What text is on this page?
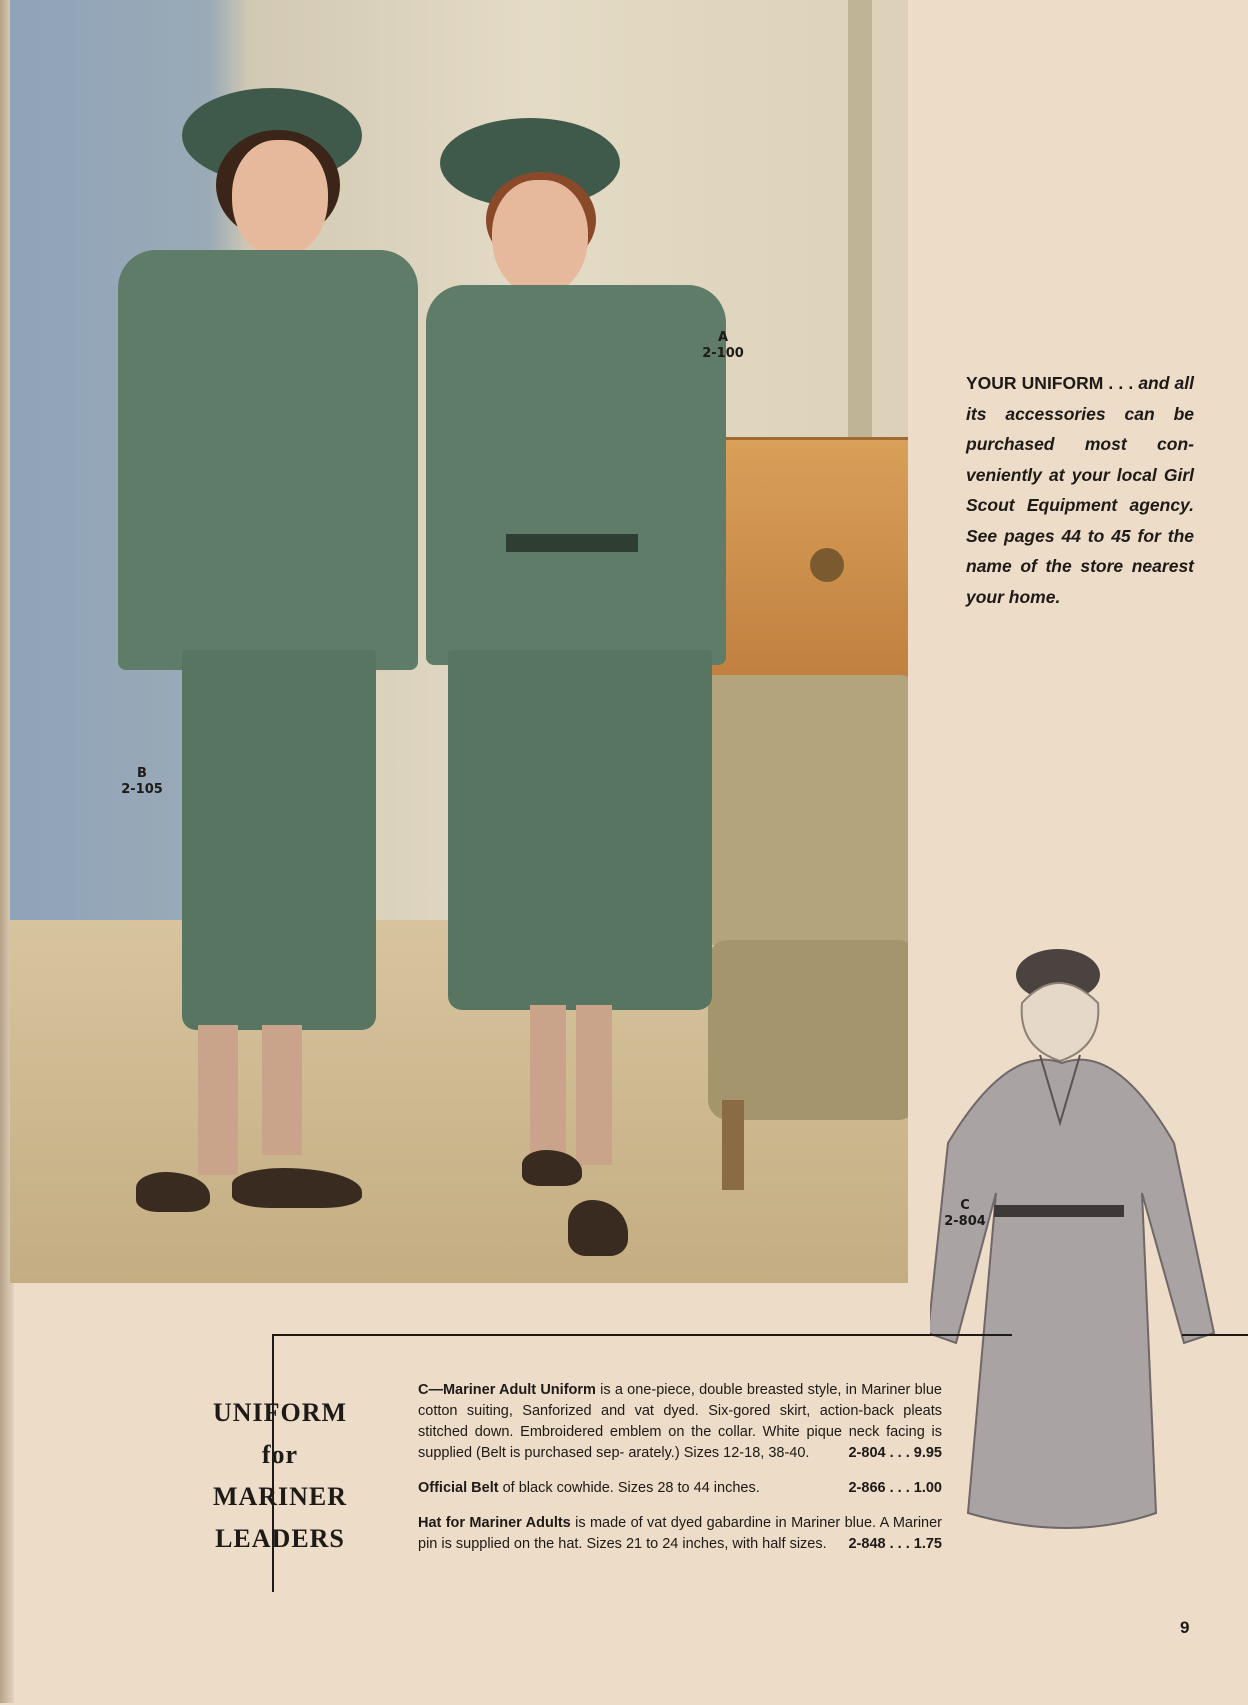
A
2-100
B
2-105
YOUR UNIFORM . . . and all its accessories can be purchased most con- veniently at your local Girl Scout Equipment agency. See pages 44 to 45 for the name of the store nearest your home.
C
2-804
UNIFORM
for
MARINER
LEADERS

C—Mariner Adult Uniform is a one-piece, double breasted style, in Mariner blue cotton suiting, Sanforized and vat dyed. Six-gored skirt, action-back pleats stitched down. Embroidered emblem on the collar. White pique neck facing is supplied (Belt is purchased sep- arately.) Sizes 12-18, 38-40.	2-804 . . . 9.95

Official Belt of black cowhide. Sizes 28 to 44 inches.	2-866 . . . 1.00

Hat for Mariner Adults is made of vat dyed gabardine in Mariner blue. A Mariner pin is supplied on the hat. Sizes 21 to 24 inches, with half sizes. 2-848 . . . 1.75

9
